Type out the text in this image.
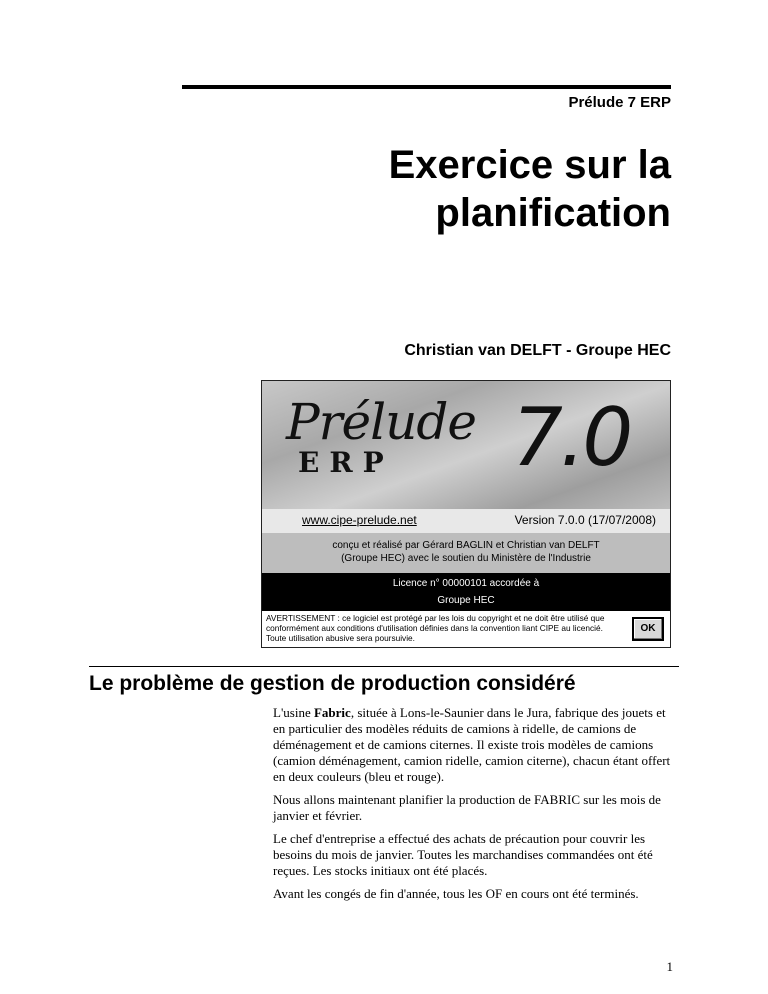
Prélude 7 ERP
Exercice sur la
planification
Christian van DELFT - Groupe HEC
Prélude
ERP 7.0
www.cipe-prelude.net	Version 7.0.0 (17/07/2008)
conçu et réalisé par Gérard BAGLIN et Christian van DELFT
(Groupe HEC) avec le soutien du Ministère de l'Industrie
Licence n° 00000101 accordée à
Groupe HEC
AVERTISSEMENT : ce logiciel est protégé par les lois du copyright et ne doit être utilisé que conformément aux conditions d'utilisation définies dans la convention liant CIPE au licencié. Toute utilisation abusive sera poursuivie.
OK
Le problème de gestion de production considéré

L'usine Fabric, située à Lons-le-Saunier dans le Jura, fabrique des jouets et en particulier des modèles réduits de camions à ridelle, de camions de déménagement et de camions citernes. Il existe trois modèles de camions (camion déménagement, camion ridelle, camion citerne), chacun étant offert en deux couleurs (bleu et rouge).

Nous allons maintenant planifier la production de FABRIC sur les mois de janvier et février.

Le chef d'entreprise a effectué des achats de précaution pour couvrir les besoins du mois de janvier. Toutes les marchandises commandées ont été reçues. Les stocks initiaux ont été placés.

Avant les congés de fin d'année, tous les OF en cours ont été terminés.

1
